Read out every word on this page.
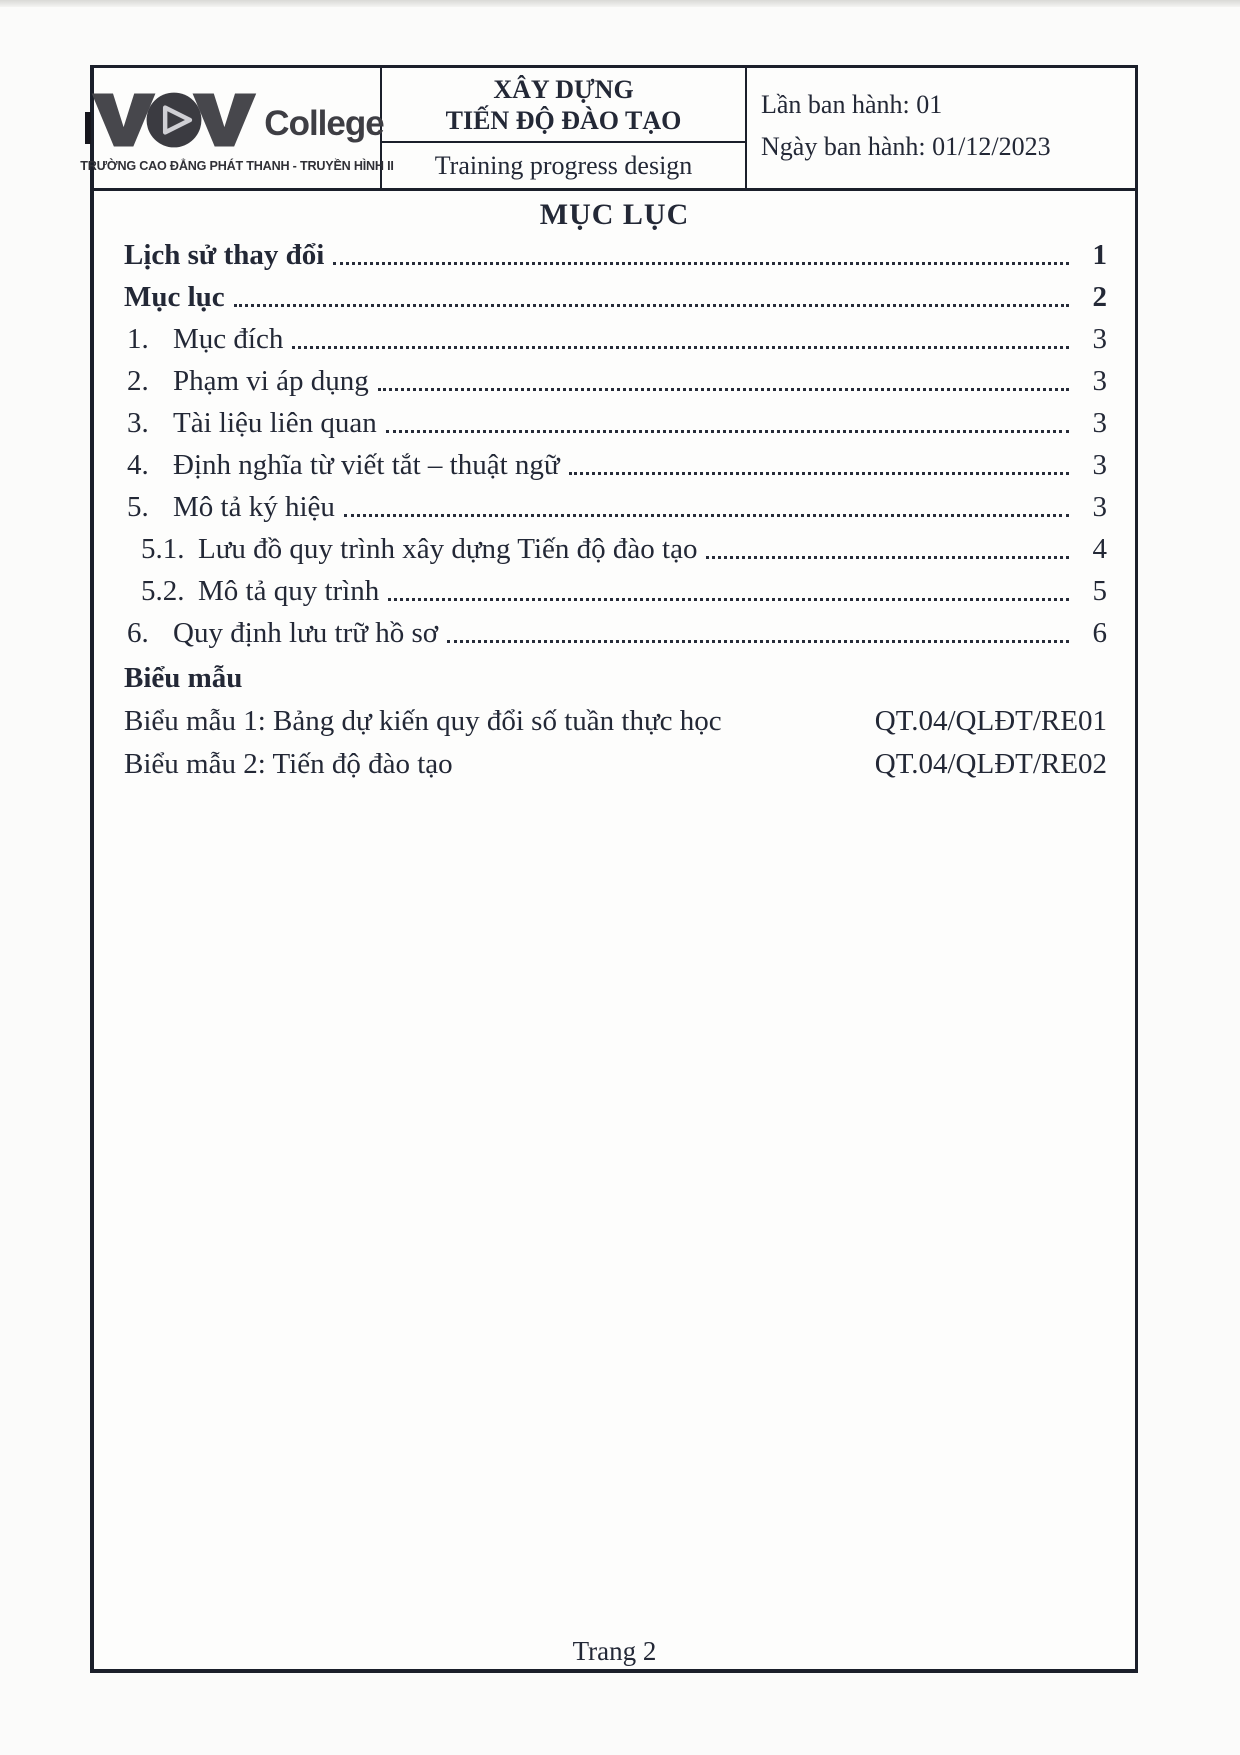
College
TRƯỜNG CAO ĐẲNG PHÁT THANH - TRUYỀN HÌNH II
XÂY DỰNG
TIẾN ĐỘ ĐÀO TẠO
Training progress design
Lần ban hành: 01
Ngày ban hành: 01/12/2023
MỤC LỤC
Lịch sử thay đổi	1
Mục lục	2
1. Mục đích	3
2. Phạm vi áp dụng	3
3. Tài liệu liên quan	3
4. Định nghĩa từ viết tắt – thuật ngữ	3
5. Mô tả ký hiệu	3
5.1. Lưu đồ quy trình xây dựng Tiến độ đào tạo	4
5.2. Mô tả quy trình	5
6. Quy định lưu trữ hồ sơ	6
Biểu mẫu
Biểu mẫu 1: Bảng dự kiến quy đổi số tuần thực học	QT.04/QLĐT/RE01
Biểu mẫu 2: Tiến độ đào tạo	QT.04/QLĐT/RE02
Trang 2
